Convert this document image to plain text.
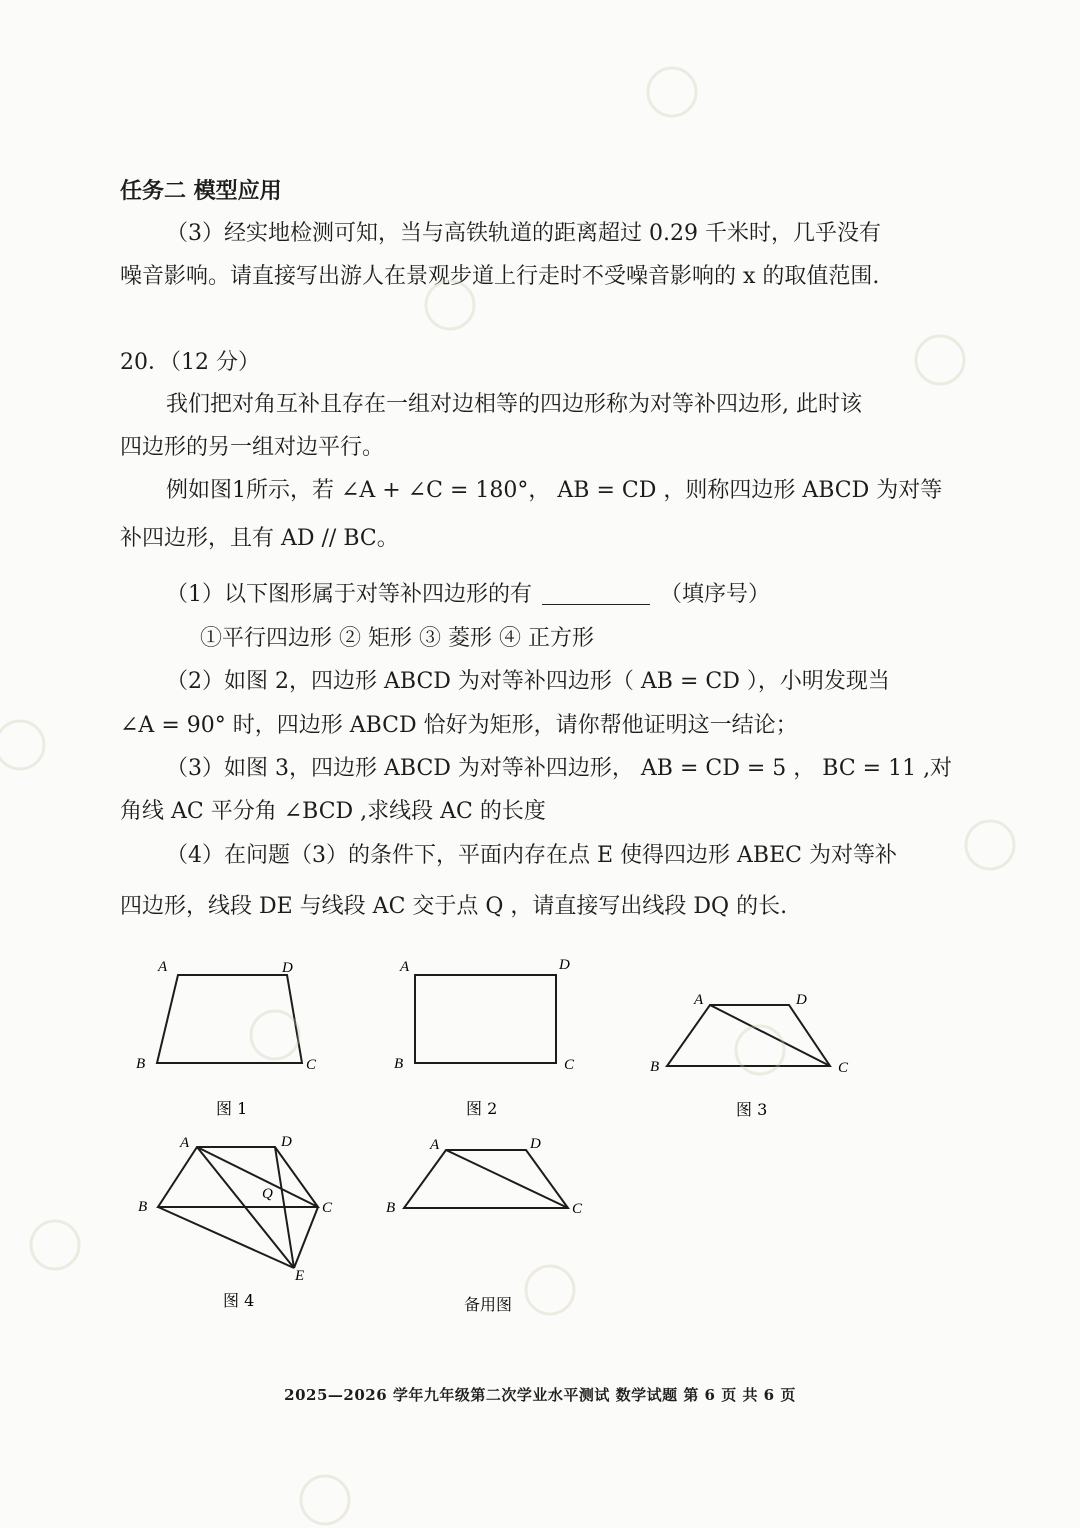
任务二 模型应用
（3）经实地检测可知，当与高铁轨道的距离超过 0.29 千米时，几乎没有
噪音影响。请直接写出游人在景观步道上行走时不受噪音影响的 x 的取值范围.
20．（12 分）
我们把对角互补且存在一组对边相等的四边形称为对等补四边形, 此时该
四边形的另一组对边平行。
例如图1所示，若 ∠A + ∠C = 180°， AB = CD ，则称四边形 ABCD 为对等
补四边形，且有 AD // BC。
（1）以下图形属于对等补四边形的有	（填序号）
①平行四边形 ② 矩形 ③ 菱形 ④ 正方形
（2）如图 2，四边形 ABCD 为对等补四边形（ AB = CD ），小明发现当
∠A = 90° 时，四边形 ABCD 恰好为矩形，请你帮他证明这一结论；
（3）如图 3，四边形 ABCD 为对等补四边形， AB = CD = 5 ， BC = 11 ,对
角线 AC 平分角 ∠BCD ,求线段 AC 的长度
（4）在问题（3）的条件下，平面内存在点 E 使得四边形 ABEC 为对等补
四边形，线段 DE 与线段 AC 交于点 Q ，请直接写出线段 DQ 的长.
A	D
B	C
图 1
A	D
B	C
图 2
A	D
B	C
图 3
A	D
B	C
Q
E
图 4
A	D
B	C
备用图
2025—2026 学年九年级第二次学业水平测试 数学试题 第 6 页 共 6 页
